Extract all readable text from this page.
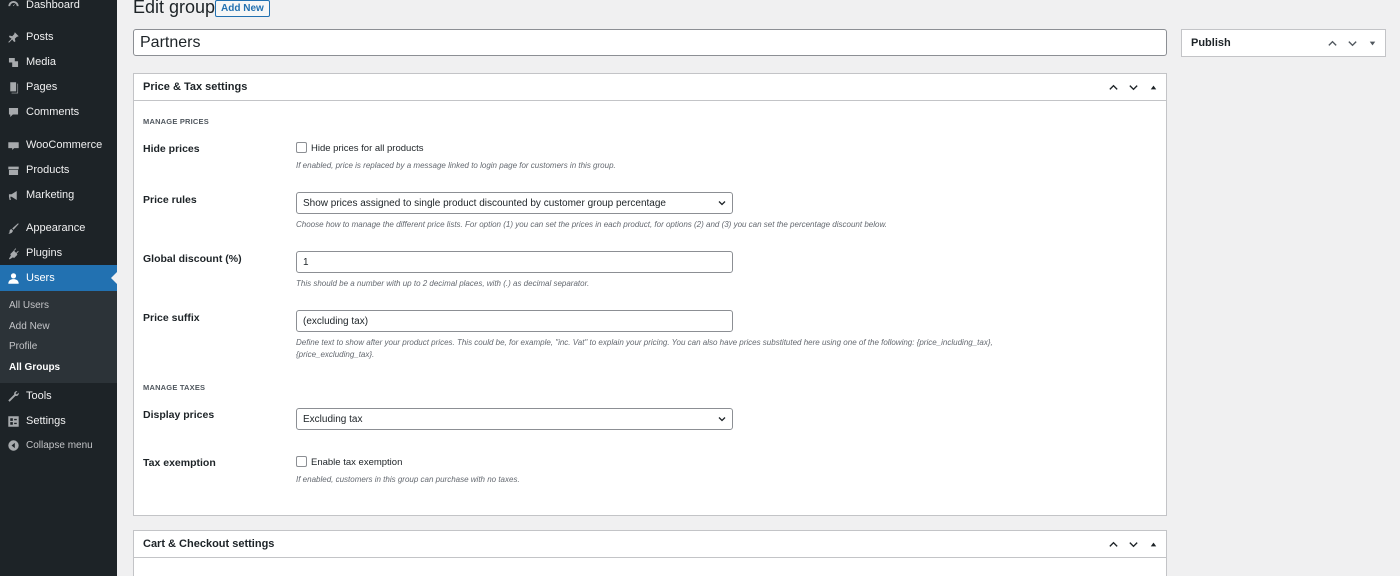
Dashboard
Posts
Media
Pages
Comments
WooCommerce
Products
Marketing
Appearance
Plugins
Users
All Users
Add New
Profile
All Groups
Tools
Settings
Collapse menu
Edit group Add New
Partners	Publish
Price & Tax settings
MANAGE PRICES
Hide prices	Hide prices for all products
If enabled, price is replaced by a message linked to login page for customers in this group.
Price rules	Show prices assigned to single product discounted by customer group percentage
Choose how to manage the different price lists. For option (1) you can set the prices in each product, for options (2) and (3) you can set the percentage discount below.
Global discount (%)	1
This should be a number with up to 2 decimal places, with (.) as decimal separator.
Price suffix	(excluding tax)
Define text to show after your product prices. This could be, for example, "inc. Vat" to explain your pricing. You can also have prices substituted here using one of the following: {price_including_tax},
{price_excluding_tax}.
MANAGE TAXES
Display prices	Excluding tax
Tax exemption	Enable tax exemption
If enabled, customers in this group can purchase with no taxes.
Cart & Checkout settings
